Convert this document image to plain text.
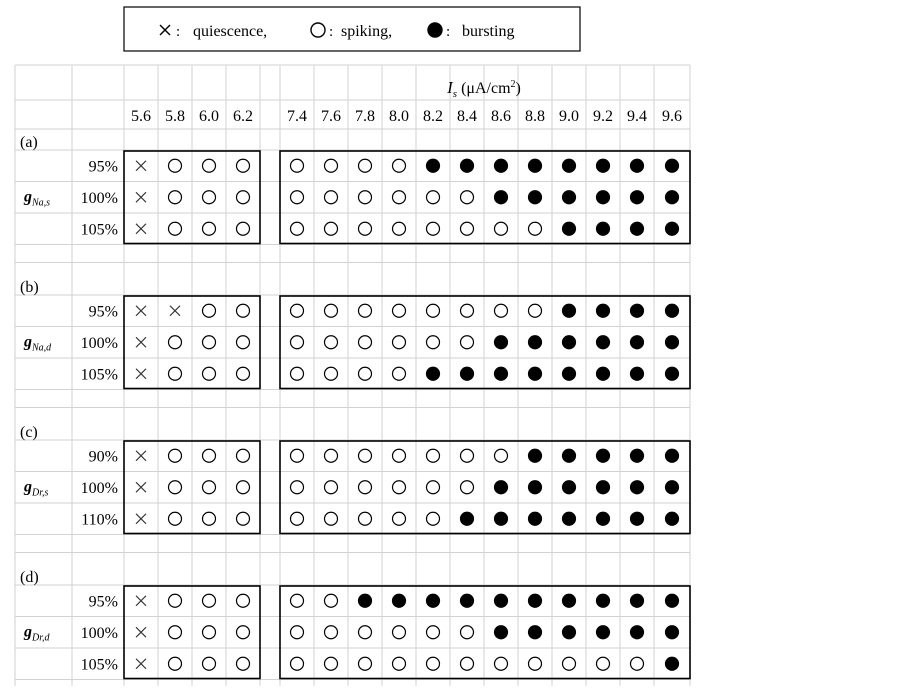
: quiescence,	: spiking,	: bursting
$I_s$ $(\mu A/cm^2)$
5.6 5.8 6.0 6.2 7.4 7.6 7.8 8.0 8.2 8.4 8.6 8.8 9.0 9.2 9.4 9.6
(a)
$g_{Na,s}$
95%
100%
105%
(b)
$g_{Na,d}$
95%
100%
105%
(c)
$g_{Dr,s}$
90%
100%
110%
(d)
$g_{Dr,d}$
95%
100%
105%
